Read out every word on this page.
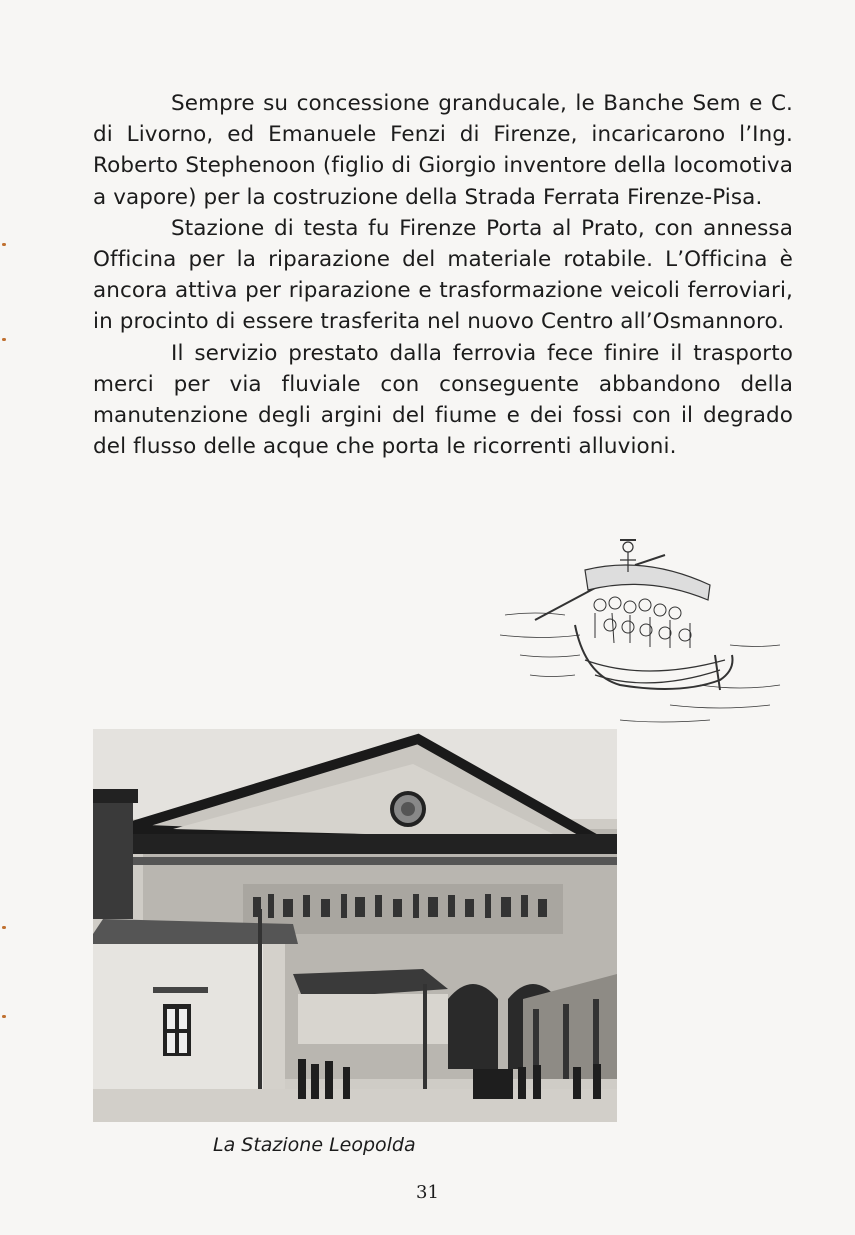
Sempre su concessione granducale, le Banche Sem e C. di Livorno, ed Emanuele Fenzi di Firenze, incaricarono l’Ing. Roberto Stephenoon (figlio di Giorgio inventore della locomotiva a vapore) per la costruzione della Strada Ferrata Firenze-Pisa.

Stazione di testa fu Firenze Porta al Prato, con annessa Officina per la riparazione del materiale rotabile. L’Officina è ancora attiva per riparazione e trasformazione veicoli ferroviari, in procinto di essere trasferita nel nuovo Centro all’Osmannoro.

Il servizio prestato dalla ferrovia fece finire il trasporto merci per via fluviale con conseguente abbandono della manutenzione degli argini del fiume e dei fossi con il degrado del flusso delle acque che porta le ricorrenti alluvioni.

La Stazione Leopolda
31
